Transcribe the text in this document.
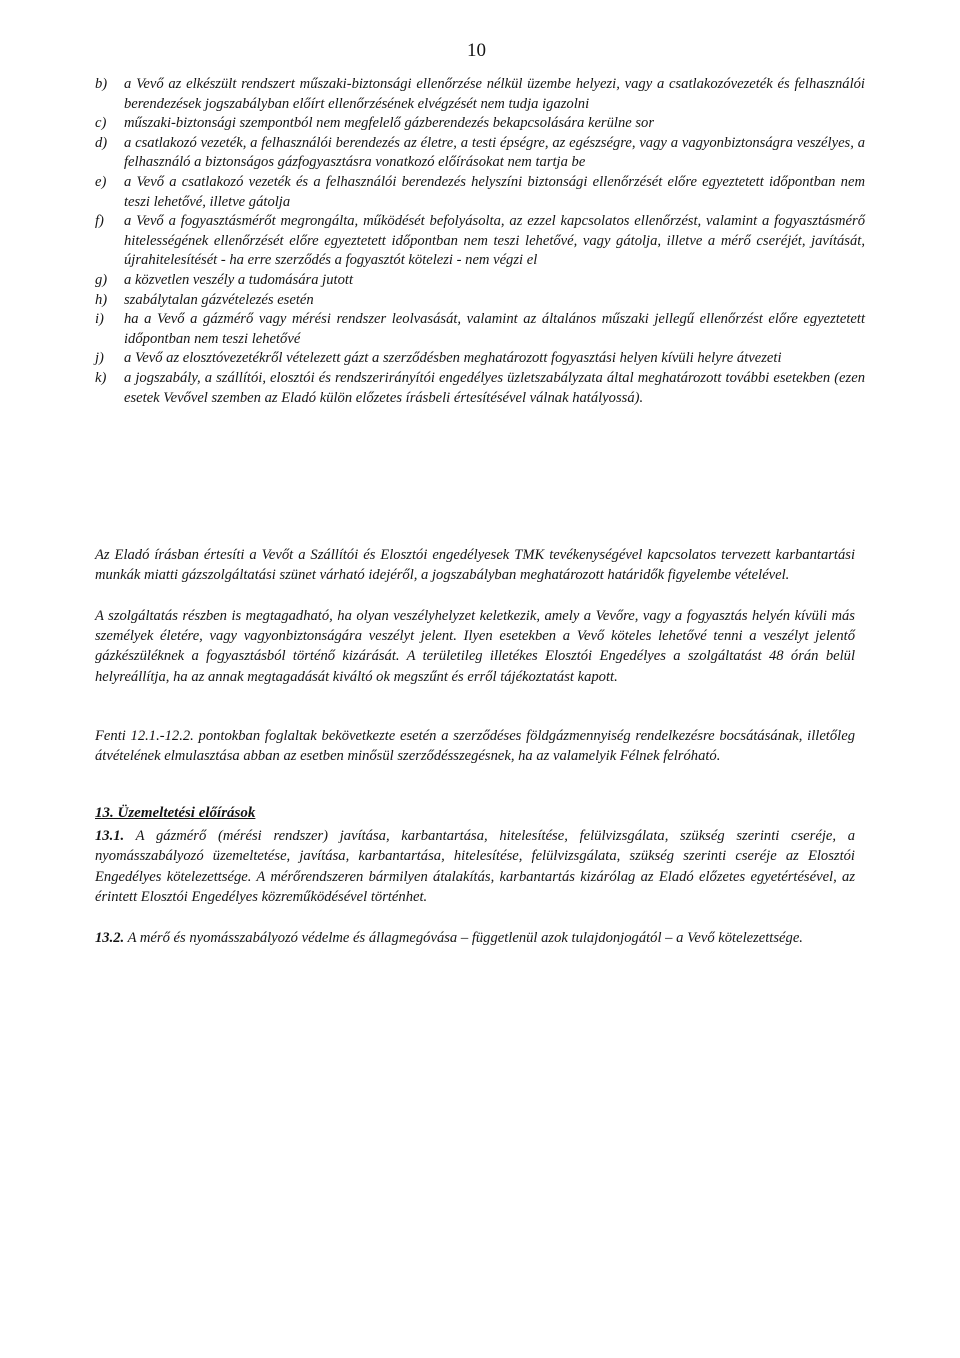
10
b) a Vevő az elkészült rendszert műszaki-biztonsági ellenőrzése nélkül üzembe helyezi, vagy a csatlakozóvezeték és felhasználói berendezések jogszabályban előírt ellenőrzésének elvégzését nem tudja igazolni
c) műszaki-biztonsági szempontból nem megfelelő gázberendezés bekapcsolására kerülne sor
d) a csatlakozó vezeték, a felhasználói berendezés az életre, a testi épségre, az egészségre, vagy a vagyonbiztonságra veszélyes, a felhasználó a biztonságos gázfogyasztásra vonatkozó előírásokat nem tartja be
e) a Vevő a csatlakozó vezeték és a felhasználói berendezés helyszíni biztonsági ellenőrzését előre egyeztetett időpontban nem teszi lehetővé, illetve gátolja
f) a Vevő a fogyasztásmérőt megrongálta, működését befolyásolta, az ezzel kapcsolatos ellenőrzést, valamint a fogyasztásmérő hitelességének ellenőrzését előre egyeztetett időpontban nem teszi lehetővé, vagy gátolja, illetve a mérő cseréjét, javítását, újrahitelesítését - ha erre szerződés a fogyasztót kötelezi - nem végzi el
g) a közvetlen veszély a tudomására jutott
h) szabálytalan gázvételezés esetén
i) ha a Vevő a gázmérő vagy mérési rendszer leolvasását, valamint az általános műszaki jellegű ellenőrzést előre egyeztetett időpontban nem teszi lehetővé
j) a Vevő az elosztóvezetékről vételezett gázt a szerződésben meghatározott fogyasztási helyen kívüli helyre átvezeti
k) a jogszabály, a szállítói, elosztói és rendszerirányítói engedélyes üzletszabályzata által meghatározott további esetekben (ezen esetek Vevővel szemben az Eladó külön előzetes írásbeli értesítésével válnak hatályossá).

Az Eladó írásban értesíti a Vevőt a Szállítói és Elosztói engedélyesek TMK tevékenységével kapcsolatos tervezett karbantartási munkák miatti gázszolgáltatási szünet várható idejéről, a jogszabályban meghatározott határidők figyelembe vételével.

A szolgáltatás részben is megtagadható, ha olyan veszélyhelyzet keletkezik, amely a Vevőre, vagy a fogyasztás helyén kívüli más személyek életére, vagy vagyonbiztonságára veszélyt jelent. Ilyen esetekben a Vevő köteles lehetővé tenni a veszélyt jelentő gázkészüléknek a fogyasztásból történő kizárását. A területileg illetékes Elosztói Engedélyes a szolgáltatást 48 órán belül helyreállítja, ha az annak megtagadását kiváltó ok megszűnt és erről tájékoztatást kapott.

Fenti 12.1.-12.2. pontokban foglaltak bekövetkezte esetén a szerződéses földgázmennyiség rendelkezésre bocsátásának, illetőleg átvételének elmulasztása abban az esetben minősül szerződésszegésnek, ha az valamelyik Félnek felróható.

13. Üzemeltetési előírások

13.1. A gázmérő (mérési rendszer) javítása, karbantartása, hitelesítése, felülvizsgálata, szükség szerinti cseréje, a nyomásszabályozó üzemeltetése, javítása, karbantartása, hitelesítése, felülvizsgálata, szükség szerinti cseréje az Elosztói Engedélyes kötelezettsége. A mérőrendszeren bármilyen átalakítás, karbantartás kizárólag az Eladó előzetes egyetértésével, az érintett Elosztói Engedélyes közreműködésével történhet.

13.2. A mérő és nyomásszabályozó védelme és állagmegóvása – függetlenül azok tulajdonjogától – a Vevő kötelezettsége.
